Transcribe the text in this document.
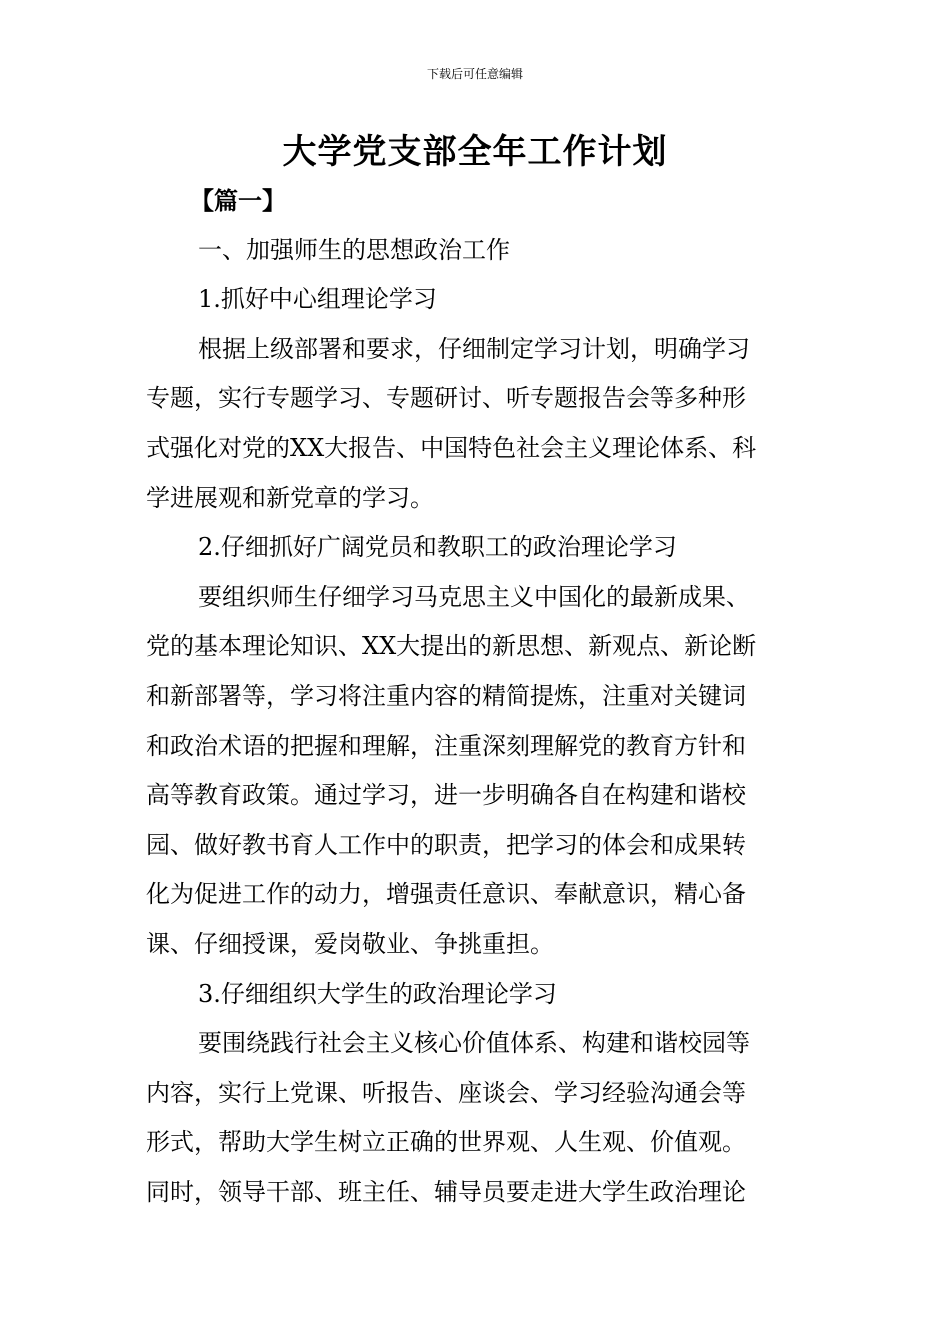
下载后可任意编辑
大学党支部全年工作计划
【篇一】
一、加强师生的思想政治工作
1.抓好中心组理论学习
根据上级部署和要求，仔细制定学习计划，明确学习
专题，实行专题学习、专题研讨、听专题报告会等多种形
式强化对党的XX大报告、中国特色社会主义理论体系、科
学进展观和新党章的学习。
2.仔细抓好广阔党员和教职工的政治理论学习
要组织师生仔细学习马克思主义中国化的最新成果、
党的基本理论知识、XX大提出的新思想、新观点、新论断
和新部署等，学习将注重内容的精简提炼，注重对关键词
和政治术语的把握和理解，注重深刻理解党的教育方针和
高等教育政策。通过学习，进一步明确各自在构建和谐校
园、做好教书育人工作中的职责，把学习的体会和成果转
化为促进工作的动力，增强责任意识、奉献意识，精心备
课、仔细授课，爱岗敬业、争挑重担。
3.仔细组织大学生的政治理论学习
要围绕践行社会主义核心价值体系、构建和谐校园等
内容，实行上党课、听报告、座谈会、学习经验沟通会等
形式，帮助大学生树立正确的世界观、人生观、价值观。
同时，领导干部、班主任、辅导员要走进大学生政治理论
